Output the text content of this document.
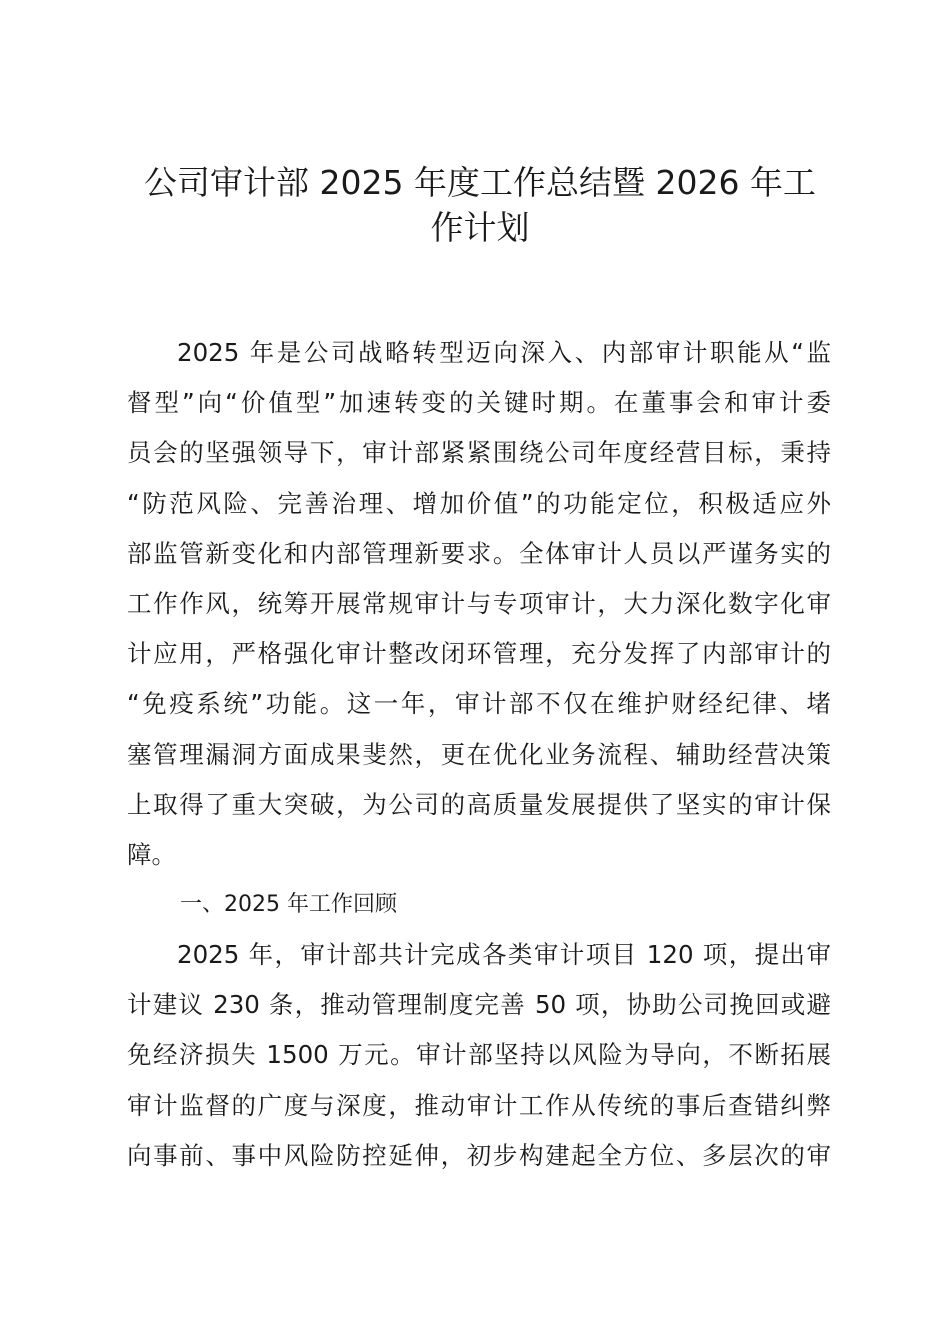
公司审计部 2025 年度工作总结暨 2026 年工
作计划
2025 年是公司战略转型迈向深入、内部审计职能从“监
督型”向“价值型”加速转变的关键时期。在董事会和审计委
员会的坚强领导下，审计部紧紧围绕公司年度经营目标，秉持
“防范风险、完善治理、增加价值”的功能定位，积极适应外
部监管新变化和内部管理新要求。全体审计人员以严谨务实的
工作作风，统筹开展常规审计与专项审计，大力深化数字化审
计应用，严格强化审计整改闭环管理，充分发挥了内部审计的
“免疫系统”功能。这一年，审计部不仅在维护财经纪律、堵
塞管理漏洞方面成果斐然，更在优化业务流程、辅助经营决策
上取得了重大突破，为公司的高质量发展提供了坚实的审计保
障。
一、2025 年工作回顾
2025 年，审计部共计完成各类审计项目 120 项，提出审
计建议 230 条，推动管理制度完善 50 项，协助公司挽回或避
免经济损失 1500 万元。审计部坚持以风险为导向，不断拓展
审计监督的广度与深度，推动审计工作从传统的事后查错纠弊
向事前、事中风险防控延伸，初步构建起全方位、多层次的审
